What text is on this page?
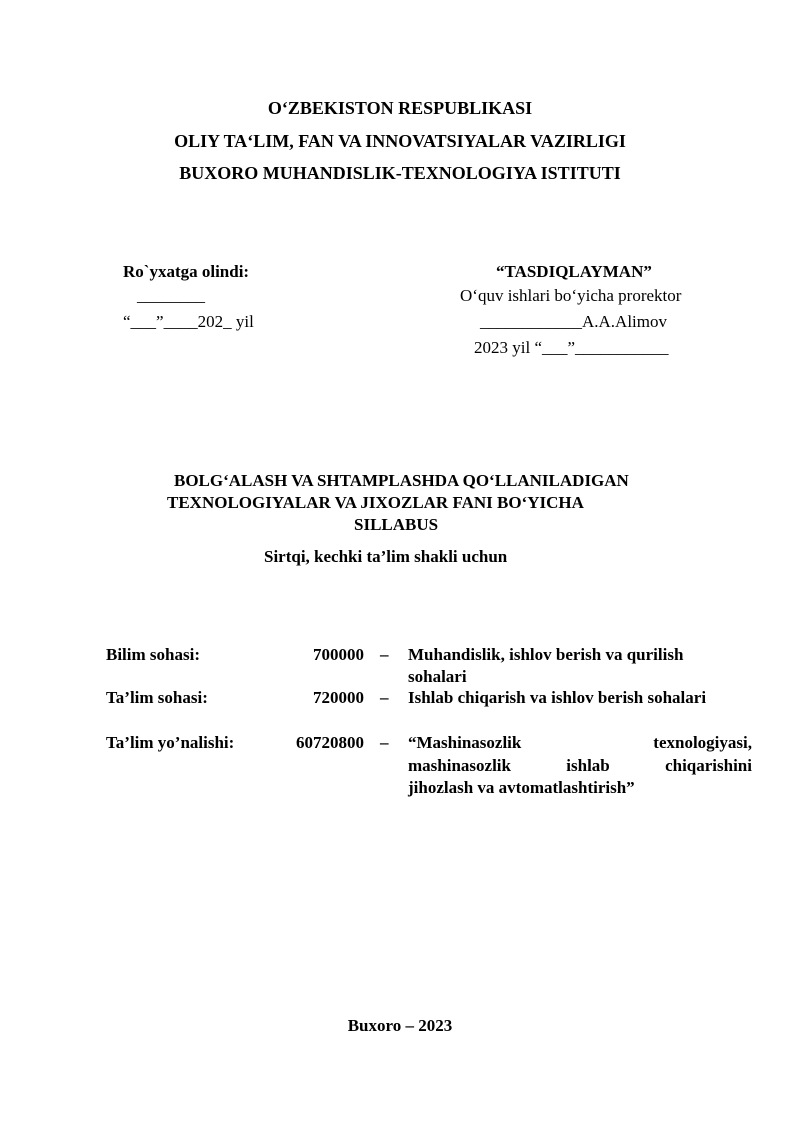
O‘ZBEKISTON RESPUBLIKASI
OLIY TA‘LIM, FAN VA INNOVATSIYALAR VAZIRLIGI
BUXORO MUHANDISLIK-TEXNOLOGIYA ISTITUTI
Ro`yxatga olindi:
________
“___”____202_ yil
“TASDIQLAYMAN”
O‘quv ishlari bo‘yicha prorektor
____________A.A.Alimov
2023 yil “___”___________
BOLG‘ALASH VA SHTAMPLASHDA QO‘LLANILADIGAN
TEXNOLOGIYALAR VA JIXOZLAR FANI BO‘YICHA
SILLABUS
Sirtqi, kechki ta’lim shakli uchun
Bilim sohasi:	700000 – Muhandislik, ishlov berish va qurilish
sohalari
Ta’lim sohasi:	720000 – Ishlab chiqarish va ishlov berish sohalari
Ta’lim yo’nalishi:	60720800 – “Mashinasozlik texnologiyasi,
mashinasozlik ishlab chiqarishini
jihozlash va avtomatlashtirish”
Buxoro – 2023
